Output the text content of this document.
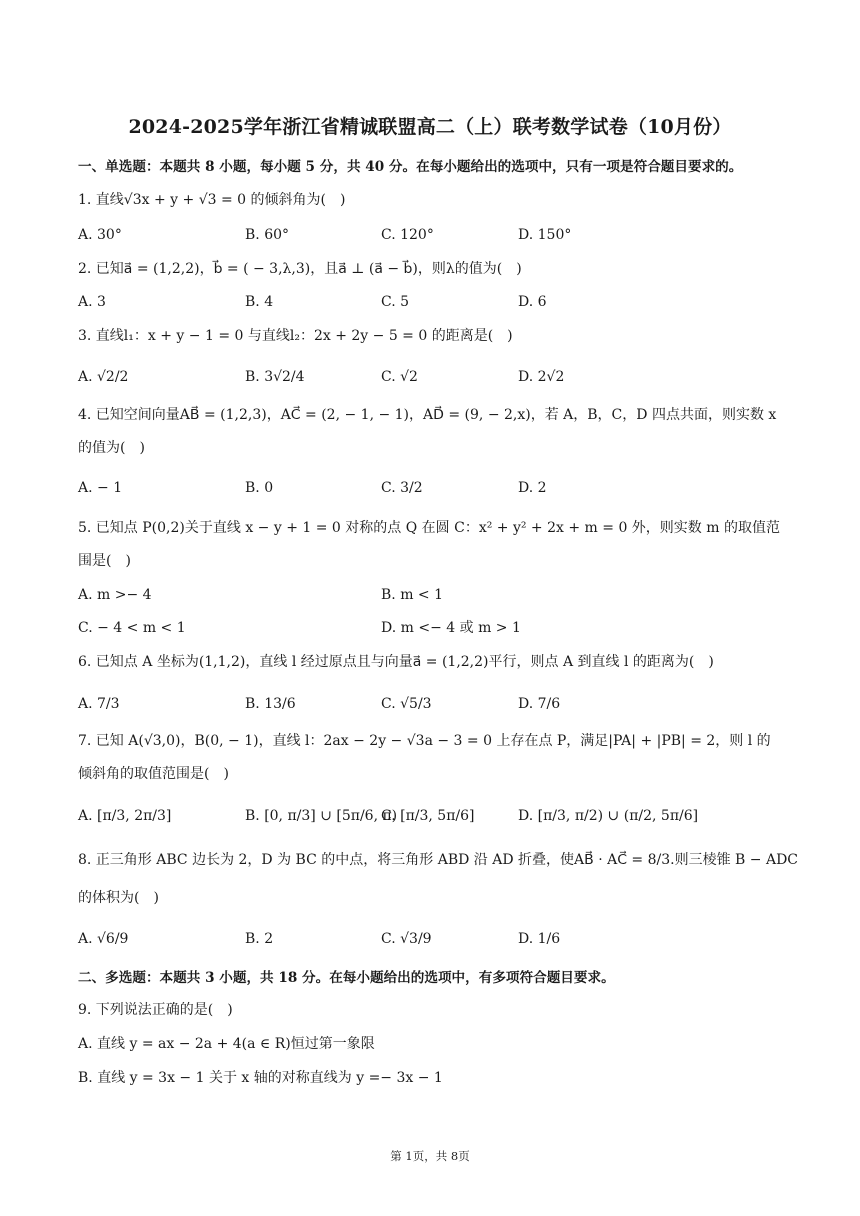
2024-2025学年浙江省精诚联盟高二（上）联考数学试卷（10月份）
一、单选题：本题共 8 小题，每小题 5 分，共 40 分。在每小题给出的选项中，只有一项是符合题目要求的。
1. 直线√3x + y + √3 = 0 的倾斜角为(　)
A. 30°	B. 60°	C. 120°	D. 150°
2. 已知a⃗ = (1,2,2)，b⃗ = ( − 3,λ,3)，且a⃗ ⊥ (a⃗ − b⃗)，则λ的值为(　)
A. 3	B. 4	C. 5	D. 6
3. 直线l₁：x + y − 1 = 0 与直线l₂：2x + 2y − 5 = 0 的距离是(　)
A. √2/2	B. 3√2/4	C. √2	D. 2√2
4. 已知空间向量AB⃗ = (1,2,3)，AC⃗ = (2, − 1, − 1)，AD⃗ = (9, − 2,x)，若 A，B，C，D 四点共面，则实数 x
的值为(　)
A. − 1	B. 0	C. 3/2	D. 2
5. 已知点 P(0,2)关于直线 x − y + 1 = 0 对称的点 Q 在圆 C：x² + y² + 2x + m = 0 外，则实数 m 的取值范
围是(　)
A. m >− 4	B. m < 1
C. − 4 < m < 1	D. m <− 4 或 m > 1
6. 已知点 A 坐标为(1,1,2)，直线 l 经过原点且与向量a⃗ = (1,2,2)平行，则点 A 到直线 l 的距离为(　)
A. 7/3	B. 13/6	C. √5/3	D. 7/6
7. 已知 A(√3,0)，B(0, − 1)，直线 l：2ax − 2y − √3a − 3 = 0 上存在点 P，满足|PA| + |PB| = 2，则 l 的
倾斜角的取值范围是(　)
A. [π/3, 2π/3]	B. [0, π/3] ∪ [5π/6, π)
C. [π/3, 5π/6]	D. [π/3, π/2) ∪ (π/2, 5π/6]
8. 正三角形 ABC 边长为 2，D 为 BC 的中点，将三角形 ABD 沿 AD 折叠，使AB⃗ · AC⃗ = 8/3.则三棱锥 B − ADC
的体积为(　)
A. √6/9	B. 2	C. √3/9	D. 1/6
二、多选题：本题共 3 小题，共 18 分。在每小题给出的选项中，有多项符合题目要求。
9. 下列说法正确的是(　)
A. 直线 y = ax − 2a + 4(a ∈ R)恒过第一象限
B. 直线 y = 3x − 1 关于 x 轴的对称直线为 y =− 3x − 1
第 1页，共 8页
